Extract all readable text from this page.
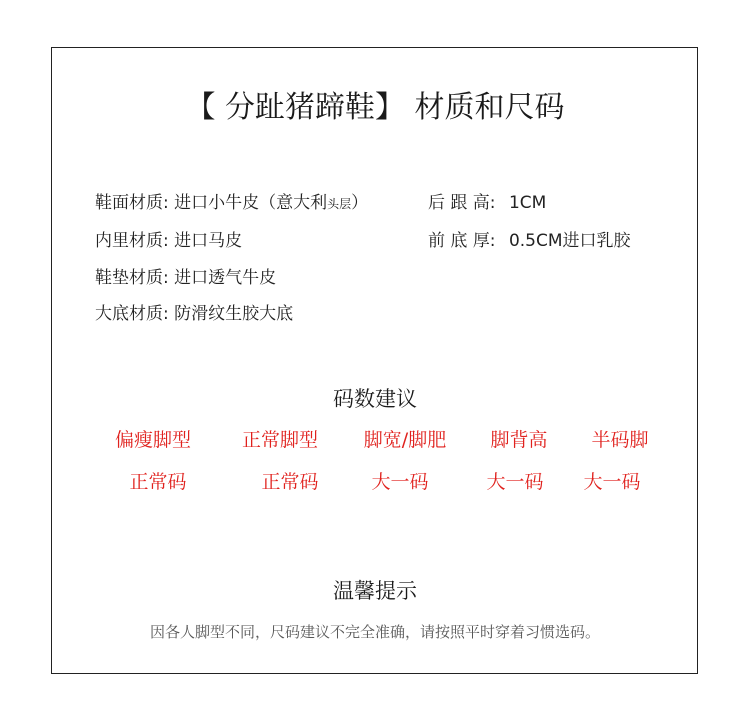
【 分趾猪蹄鞋】 材质和尺码
鞋面材质: 进口小牛皮（意大利头层）
内里材质: 进口马皮
鞋垫材质: 进口透气牛皮
大底材质: 防滑纹生胶大底
后 跟 高: 1CM
前 底 厚: 0.5CM进口乳胶
码数建议
偏瘦脚型	正常脚型	脚宽/脚肥	脚背高	半码脚
正常码	正常码	大一码	大一码	大一码
温馨提示
因各人脚型不同，尺码建议不完全准确，请按照平时穿着习惯选码。
